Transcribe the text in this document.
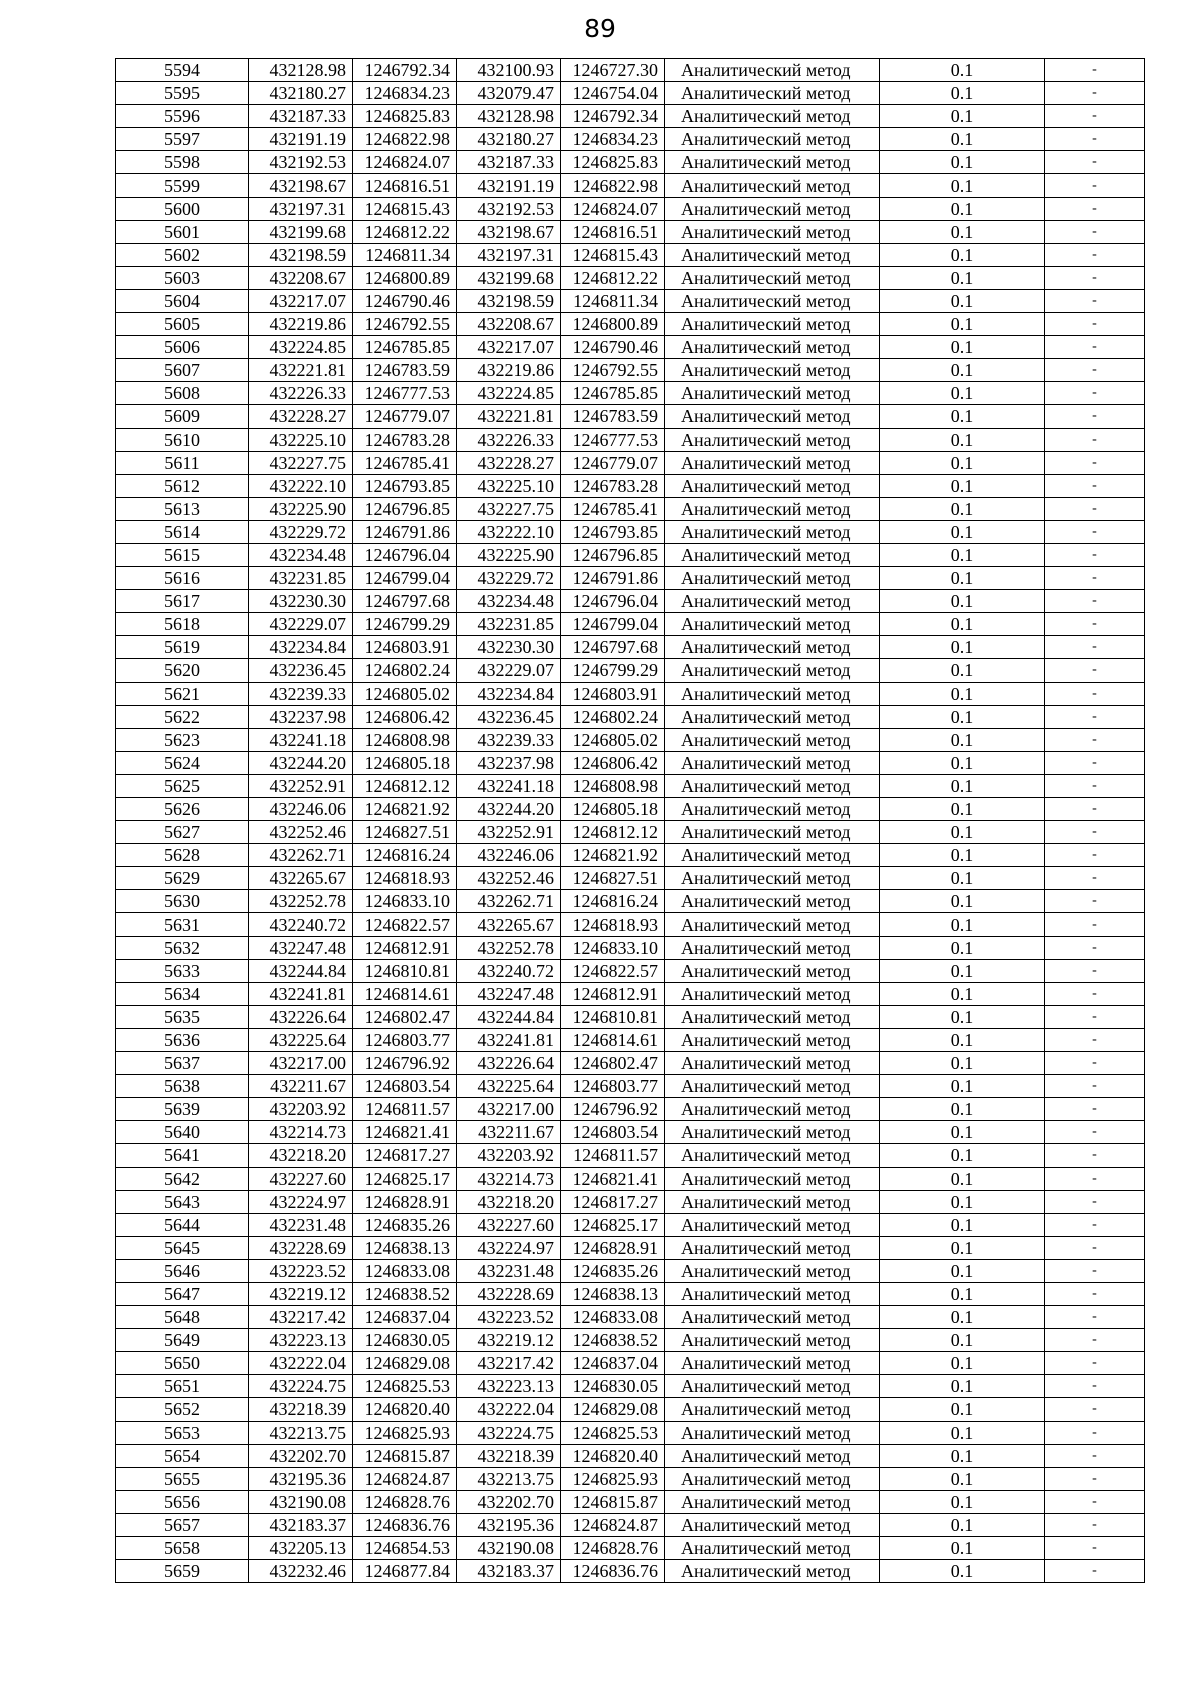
89
5594	432128.98	1246792.34	432100.93	1246727.30	Аналитический метод	0.1	-
5595	432180.27	1246834.23	432079.47	1246754.04	Аналитический метод	0.1	-
5596	432187.33	1246825.83	432128.98	1246792.34	Аналитический метод	0.1	-
5597	432191.19	1246822.98	432180.27	1246834.23	Аналитический метод	0.1	-
5598	432192.53	1246824.07	432187.33	1246825.83	Аналитический метод	0.1	-
5599	432198.67	1246816.51	432191.19	1246822.98	Аналитический метод	0.1	-
5600	432197.31	1246815.43	432192.53	1246824.07	Аналитический метод	0.1	-
5601	432199.68	1246812.22	432198.67	1246816.51	Аналитический метод	0.1	-
5602	432198.59	1246811.34	432197.31	1246815.43	Аналитический метод	0.1	-
5603	432208.67	1246800.89	432199.68	1246812.22	Аналитический метод	0.1	-
5604	432217.07	1246790.46	432198.59	1246811.34	Аналитический метод	0.1	-
5605	432219.86	1246792.55	432208.67	1246800.89	Аналитический метод	0.1	-
5606	432224.85	1246785.85	432217.07	1246790.46	Аналитический метод	0.1	-
5607	432221.81	1246783.59	432219.86	1246792.55	Аналитический метод	0.1	-
5608	432226.33	1246777.53	432224.85	1246785.85	Аналитический метод	0.1	-
5609	432228.27	1246779.07	432221.81	1246783.59	Аналитический метод	0.1	-
5610	432225.10	1246783.28	432226.33	1246777.53	Аналитический метод	0.1	-
5611	432227.75	1246785.41	432228.27	1246779.07	Аналитический метод	0.1	-
5612	432222.10	1246793.85	432225.10	1246783.28	Аналитический метод	0.1	-
5613	432225.90	1246796.85	432227.75	1246785.41	Аналитический метод	0.1	-
5614	432229.72	1246791.86	432222.10	1246793.85	Аналитический метод	0.1	-
5615	432234.48	1246796.04	432225.90	1246796.85	Аналитический метод	0.1	-
5616	432231.85	1246799.04	432229.72	1246791.86	Аналитический метод	0.1	-
5617	432230.30	1246797.68	432234.48	1246796.04	Аналитический метод	0.1	-
5618	432229.07	1246799.29	432231.85	1246799.04	Аналитический метод	0.1	-
5619	432234.84	1246803.91	432230.30	1246797.68	Аналитический метод	0.1	-
5620	432236.45	1246802.24	432229.07	1246799.29	Аналитический метод	0.1	-
5621	432239.33	1246805.02	432234.84	1246803.91	Аналитический метод	0.1	-
5622	432237.98	1246806.42	432236.45	1246802.24	Аналитический метод	0.1	-
5623	432241.18	1246808.98	432239.33	1246805.02	Аналитический метод	0.1	-
5624	432244.20	1246805.18	432237.98	1246806.42	Аналитический метод	0.1	-
5625	432252.91	1246812.12	432241.18	1246808.98	Аналитический метод	0.1	-
5626	432246.06	1246821.92	432244.20	1246805.18	Аналитический метод	0.1	-
5627	432252.46	1246827.51	432252.91	1246812.12	Аналитический метод	0.1	-
5628	432262.71	1246816.24	432246.06	1246821.92	Аналитический метод	0.1	-
5629	432265.67	1246818.93	432252.46	1246827.51	Аналитический метод	0.1	-
5630	432252.78	1246833.10	432262.71	1246816.24	Аналитический метод	0.1	-
5631	432240.72	1246822.57	432265.67	1246818.93	Аналитический метод	0.1	-
5632	432247.48	1246812.91	432252.78	1246833.10	Аналитический метод	0.1	-
5633	432244.84	1246810.81	432240.72	1246822.57	Аналитический метод	0.1	-
5634	432241.81	1246814.61	432247.48	1246812.91	Аналитический метод	0.1	-
5635	432226.64	1246802.47	432244.84	1246810.81	Аналитический метод	0.1	-
5636	432225.64	1246803.77	432241.81	1246814.61	Аналитический метод	0.1	-
5637	432217.00	1246796.92	432226.64	1246802.47	Аналитический метод	0.1	-
5638	432211.67	1246803.54	432225.64	1246803.77	Аналитический метод	0.1	-
5639	432203.92	1246811.57	432217.00	1246796.92	Аналитический метод	0.1	-
5640	432214.73	1246821.41	432211.67	1246803.54	Аналитический метод	0.1	-
5641	432218.20	1246817.27	432203.92	1246811.57	Аналитический метод	0.1	-
5642	432227.60	1246825.17	432214.73	1246821.41	Аналитический метод	0.1	-
5643	432224.97	1246828.91	432218.20	1246817.27	Аналитический метод	0.1	-
5644	432231.48	1246835.26	432227.60	1246825.17	Аналитический метод	0.1	-
5645	432228.69	1246838.13	432224.97	1246828.91	Аналитический метод	0.1	-
5646	432223.52	1246833.08	432231.48	1246835.26	Аналитический метод	0.1	-
5647	432219.12	1246838.52	432228.69	1246838.13	Аналитический метод	0.1	-
5648	432217.42	1246837.04	432223.52	1246833.08	Аналитический метод	0.1	-
5649	432223.13	1246830.05	432219.12	1246838.52	Аналитический метод	0.1	-
5650	432222.04	1246829.08	432217.42	1246837.04	Аналитический метод	0.1	-
5651	432224.75	1246825.53	432223.13	1246830.05	Аналитический метод	0.1	-
5652	432218.39	1246820.40	432222.04	1246829.08	Аналитический метод	0.1	-
5653	432213.75	1246825.93	432224.75	1246825.53	Аналитический метод	0.1	-
5654	432202.70	1246815.87	432218.39	1246820.40	Аналитический метод	0.1	-
5655	432195.36	1246824.87	432213.75	1246825.93	Аналитический метод	0.1	-
5656	432190.08	1246828.76	432202.70	1246815.87	Аналитический метод	0.1	-
5657	432183.37	1246836.76	432195.36	1246824.87	Аналитический метод	0.1	-
5658	432205.13	1246854.53	432190.08	1246828.76	Аналитический метод	0.1	-
5659	432232.46	1246877.84	432183.37	1246836.76	Аналитический метод	0.1	-
